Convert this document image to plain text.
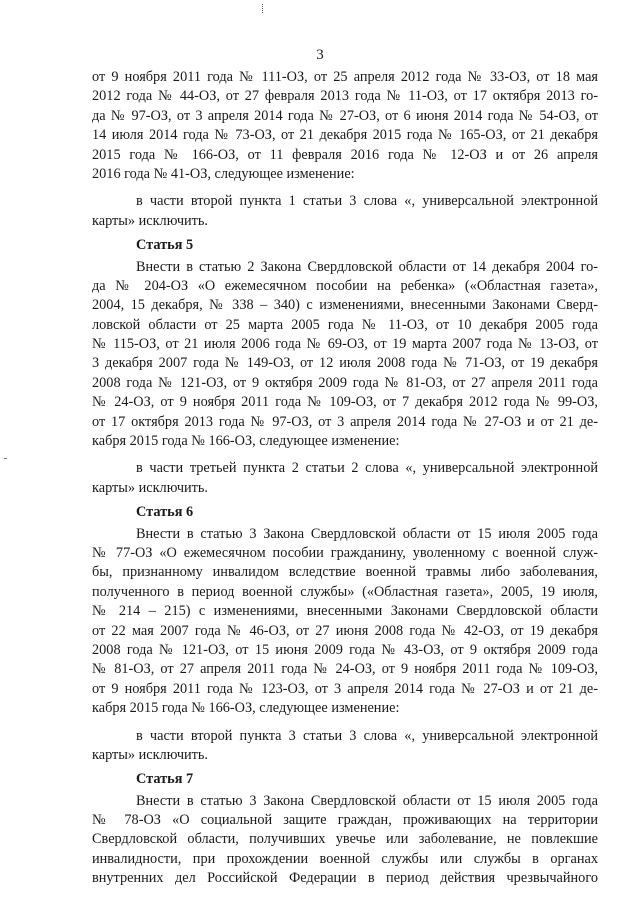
3
от 9 ноября 2011 года № 111-ОЗ, от 25 апреля 2012 года № 33-ОЗ, от 18 мая
2012 года № 44-ОЗ, от 27 февраля 2013 года № 11-ОЗ, от 17 октября 2013 го-
да № 97-ОЗ, от 3 апреля 2014 года № 27-ОЗ, от 6 июня 2014 года № 54-ОЗ, от
14 июля 2014 года № 73-ОЗ, от 21 декабря 2015 года № 165-ОЗ, от 21 декабря
2015 года № 166-ОЗ, от 11 февраля 2016 года № 12-ОЗ и от 26 апреля
2016 года № 41-ОЗ, следующее изменение:
в части второй пункта 1 статьи 3 слова «, универсальной электронной
карты» исключить.
Статья 5
Внести в статью 2 Закона Свердловской области от 14 декабря 2004 го-
да № 204-ОЗ «О ежемесячном пособии на ребенка» («Областная газета»,
2004, 15 декабря, № 338 – 340) с изменениями, внесенными Законами Сверд-
ловской области от 25 марта 2005 года № 11-ОЗ, от 10 декабря 2005 года
№ 115-ОЗ, от 21 июля 2006 года № 69-ОЗ, от 19 марта 2007 года № 13-ОЗ, от
3 декабря 2007 года № 149-ОЗ, от 12 июля 2008 года № 71-ОЗ, от 19 декабря
2008 года № 121-ОЗ, от 9 октября 2009 года № 81-ОЗ, от 27 апреля 2011 года
№ 24-ОЗ, от 9 ноября 2011 года № 109-ОЗ, от 7 декабря 2012 года № 99-ОЗ,
от 17 октября 2013 года № 97-ОЗ, от 3 апреля 2014 года № 27-ОЗ и от 21 де-
кабря 2015 года № 166-ОЗ, следующее изменение:
в части третьей пункта 2 статьи 2 слова «, универсальной электронной
карты» исключить.
Статья 6
Внести в статью 3 Закона Свердловской области от 15 июля 2005 года
№ 77-ОЗ «О ежемесячном пособии гражданину, уволенному с военной служ-
бы, признанному инвалидом вследствие военной травмы либо заболевания,
полученного в период военной службы» («Областная газета», 2005, 19 июля,
№ 214 – 215) с изменениями, внесенными Законами Свердловской области
от 22 мая 2007 года № 46-ОЗ, от 27 июня 2008 года № 42-ОЗ, от 19 декабря
2008 года № 121-ОЗ, от 15 июня 2009 года № 43-ОЗ, от 9 октября 2009 года
№ 81-ОЗ, от 27 апреля 2011 года № 24-ОЗ, от 9 ноября 2011 года № 109-ОЗ,
от 9 ноября 2011 года № 123-ОЗ, от 3 апреля 2014 года № 27-ОЗ и от 21 де-
кабря 2015 года № 166-ОЗ, следующее изменение:
в части второй пункта 3 статьи 3 слова «, универсальной электронной
карты» исключить.
Статья 7
Внести в статью 3 Закона Свердловской области от 15 июля 2005 года
№ 78-ОЗ «О социальной защите граждан, проживающих на территории
Свердловской области, получивших увечье или заболевание, не повлекшие
инвалидности, при прохождении военной службы или службы в органах
внутренних дел Российской Федерации в период действия чрезвычайного
